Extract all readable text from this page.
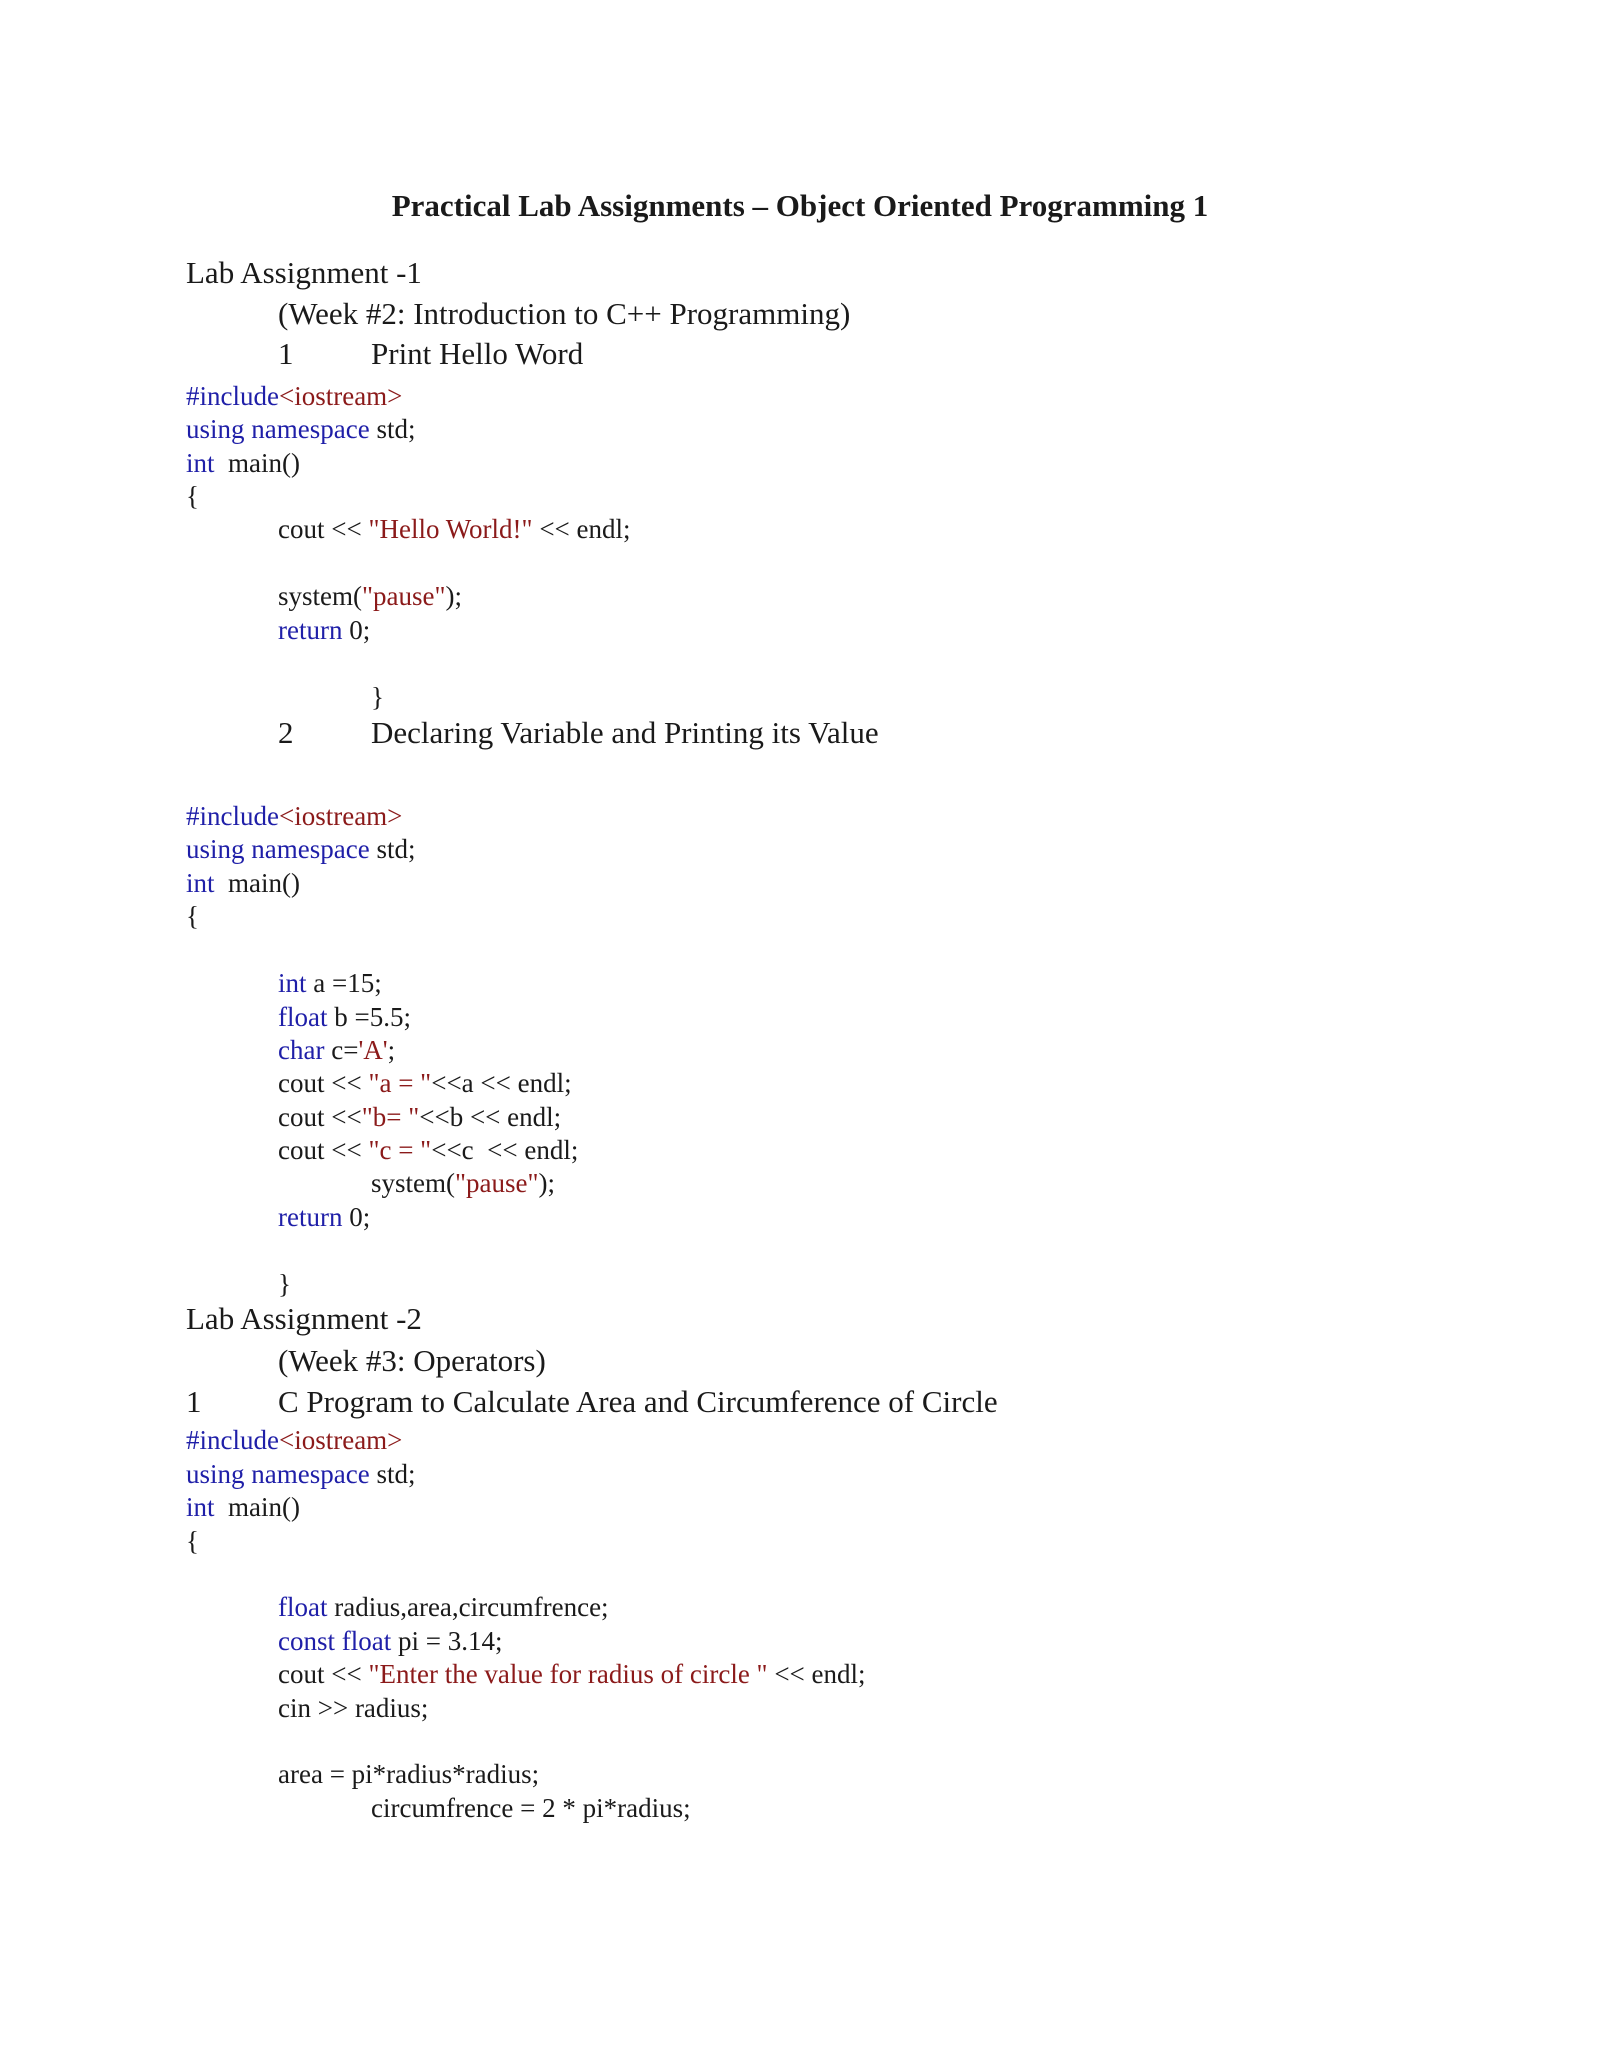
Practical Lab Assignments – Object Oriented Programming 1
Lab Assignment -1
(Week #2: Introduction to C++ Programming)
1	Print Hello Word
#include<iostream>
using namespace std;
int  main()
{
cout << "Hello World!" << endl;
system("pause");
return 0;
}
2	Declaring Variable and Printing its Value
#include<iostream>
using namespace std;
int  main()
{
int a =15;
float b =5.5;
char c='A';
cout << "a = "<<a << endl;
cout <<"b= "<<b << endl;
cout << "c = "<<c  << endl;
system("pause");
return 0;
}
Lab Assignment -2
(Week #3: Operators)
1 C Program to Calculate Area and Circumference of Circle
#include<iostream>
using namespace std;
int  main()
{
float radius,area,circumfrence;
const float pi = 3.14;
cout << "Enter the value for radius of circle " << endl;
cin >> radius;
area = pi*radius*radius;
circumfrence = 2 * pi*radius;
